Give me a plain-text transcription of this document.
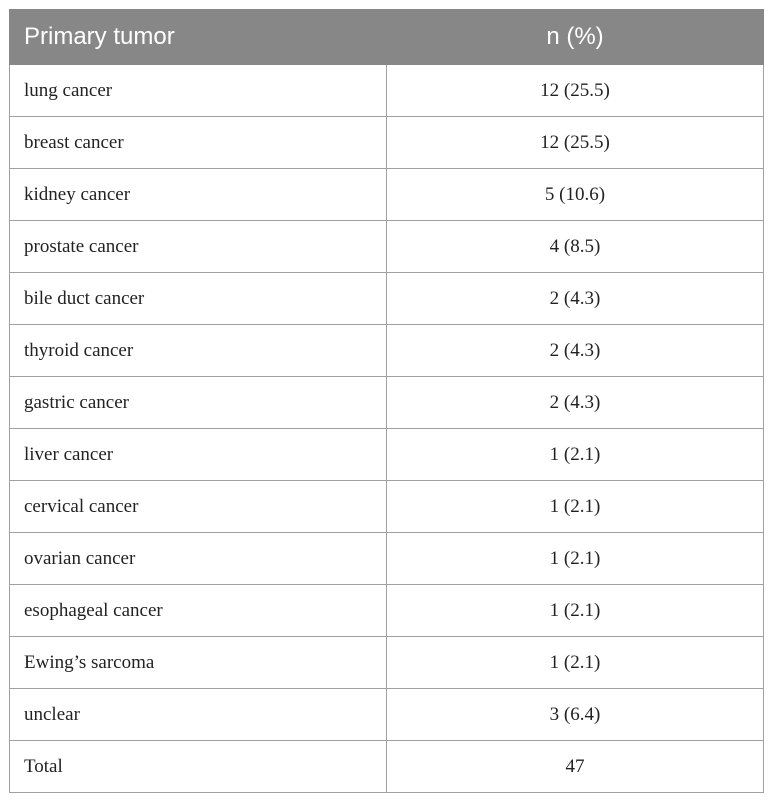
Primary tumor	n (%)
lung cancer	12 (25.5)
breast cancer	12 (25.5)
kidney cancer	5 (10.6)
prostate cancer	4 (8.5)
bile duct cancer	2 (4.3)
thyroid cancer	2 (4.3)
gastric cancer	2 (4.3)
liver cancer	1 (2.1)
cervical cancer	1 (2.1)
ovarian cancer	1 (2.1)
esophageal cancer	1 (2.1)
Ewing’s sarcoma	1 (2.1)
unclear	3 (6.4)
Total	47
